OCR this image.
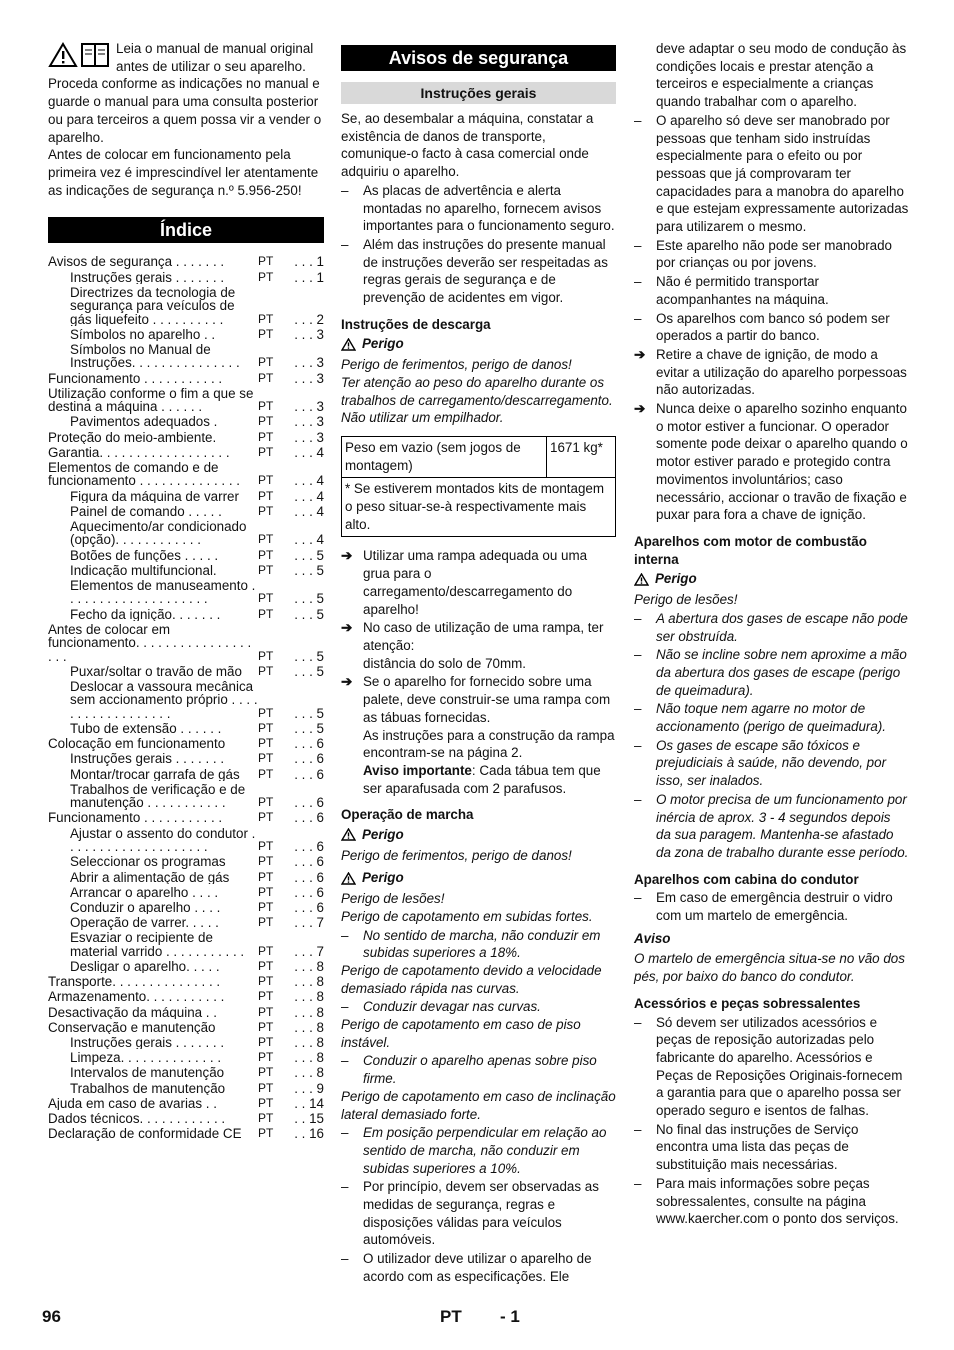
Leia o manual de manual original antes de utilizar o seu aparelho. Proceda conforme as indicações no manual e guarde o manual para uma consulta posterior ou para terceiros a quem possa vir a vender o aparelho.

Antes de colocar em funcionamento pela primeira vez é imprescindível ler atentamente as indicações de segurança n.º 5.956-250!

Índice
Avisos de segurança . . . . . . .	PT	. . . 1
Instruções gerais . . . . . . .	PT	. . . 1
Directrizes da tecnologia de segurança para veículos de gás liquefeito . . . . . . . . . .	PT	. . . 2
Símbolos no aparelho . .	PT	. . . 3
Símbolos no Manual de Instruções. . . . . . . . . . . . . . .	PT	. . . 3
Funcionamento . . . . . . . . . . .	PT	. . . 3
Utilização conforme o fim a que se destina a máquina . . . . . .	PT	. . . 3
Pavimentos adequados .	PT	. . . 3
Proteção do meio-ambiente.	PT	. . . 3
Garantia. . . . . . . . . . . . . . . . . .	PT	. . . 4
Elementos de comando e de funcionamento . . . . . . . . . . . . . .	PT	. . . 4
Figura da máquina de varrer	PT	. . . 4
Painel de comando . . . . .	PT	. . . 4
Aquecimento/ar condicionado (opção). . . . . . . . . . . .	PT	. . . 4
Botões de funções . . . . .	PT	. . . 5
Indicação multifuncional.	PT	. . . 5
Elementos de manuseamento . . . . . . . . . . . . . . . . . . . .	PT	. . . 5
Fecho da ignição. . . . . . .	PT	. . . 5
Antes de colocar em funcionamento. . . . . . . . . . . . . . . . . . .	PT	. . . 5
Puxar/soltar o travão de mão	PT	. . . 5
Deslocar a vassoura mecânica sem accionamento próprio . . . . . . . . . . . . . . . . . .	PT	. . . 5
Tubo de extensão . . . . . .	PT	. . . 5
Colocação em funcionamento	PT	. . . 6
Instruções gerais . . . . . . .	PT	. . . 6
Montar/trocar garrafa de gás	PT	. . . 6
Trabalhos de verificação e de manutenção . . . . . . . . . . .	PT	. . . 6
Funcionamento . . . . . . . . . . .	PT	. . . 6
Ajustar o assento do condutor . . . . . . . . . . . . . . . . . . . .	PT	. . . 6
Seleccionar os programas	PT	. . . 6
Abrir a alimentação de gás	PT	. . . 6
Arrancar o aparelho . . . .	PT	. . . 6
Conduzir o aparelho . . . .	PT	. . . 6
Operação de varrer. . . . .	PT	. . . 7
Esvaziar o recipiente de material varrido . . . . . . . . . . .	PT	. . . 7
Desligar o aparelho. . . . .	PT	. . . 8
Transporte. . . . . . . . . . . . . . .	PT	. . . 8
Armazenamento. . . . . . . . . . .	PT	. . . 8
Desactivação da máquina . .	PT	. . . 8
Conservação e manutenção	PT	. . . 8
Instruções gerais . . . . . . .	PT	. . . 8
Limpeza. . . . . . . . . . . . . .	PT	. . . 8
Intervalos de manutenção	PT	. . . 8
Trabalhos de manutenção	PT	. . . 9
Ajuda em caso de avarias . .	PT	. . 14
Dados técnicos. . . . . . . . . . . .	PT	. . 15
Declaração de conformidade CE	PT	. . 16
Avisos de segurança
Instruções gerais

Se, ao desembalar a máquina, constatar a existência de danos de transporte, comunique-o facto à casa comercial onde adquiriu o aparelho.

– As placas de advertência e alerta montadas no aparelho, fornecem avisos importantes para o funcionamento seguro.
– Além das instruções do presente manual de instruções deverão ser respeitadas as regras gerais de segurança e de prevenção de acidentes em vigor.
Instruções de descarga
Perigo

Perigo de ferimentos, perigo de danos!

Ter atenção ao peso do aparelho durante os trabalhos de carregamento/descarregamento.

Não utilizar um empilhador.

Peso em vazio (sem jogos de montagem)	1671 kg*
* Se estiverem montados kits de montagem o peso situar-se-à respectivamente mais alto.
➔ Utilizar uma rampa adequada ou uma grua para o carregamento/descarregamento do aparelho!
➔ No caso de utilização de uma rampa, ter atenção:
distância do solo de 70mm.
➔ Se o aparelho for fornecido sobre uma palete, deve construir-se uma rampa com as tábuas fornecidas.
As instruções para a construção da rampa encontram-se na página 2.
Aviso importante: Cada tábua tem que ser aparafusada com 2 parafusos.
Operação de marcha
Perigo

Perigo de ferimentos, perigo de danos!

Perigo

Perigo de lesões!

Perigo de capotamento em subidas fortes.

– No sentido de marcha, não conduzir em subidas superiores a 18%.

Perigo de capotamento devido a velocidade demasiado rápida nas curvas.

– Conduzir devagar nas curvas.

Perigo de capotamento em caso de piso instável.

– Conduzir o aparelho apenas sobre piso firme.

Perigo de capotamento em caso de inclinação lateral demasiado forte.

– Em posição perpendicular em relação ao sentido de marcha, não conduzir em subidas superiores a 10%.
– Por princípio, devem ser observadas as medidas de segurança, regras e disposições válidas para veículos automóveis.
– O utilizador deve utilizar o aparelho de acordo com as especificações. Ele
deve adaptar o seu modo de condução às condições locais e prestar atenção a terceiros e especialmente a crianças quando trabalhar com o aparelho.
– O aparelho só deve ser manobrado por pessoas que tenham sido instruídas especialmente para o efeito ou por pessoas que já comprovaram ter capacidades para a manobra do aparelho e que estejam expressamente autorizadas para utilizarem o mesmo.
– Este aparelho não pode ser manobrado por crianças ou por jovens.
– Não é permitido transportar acompanhantes na máquina.
– Os aparelhos com banco só podem ser operados a partir do banco.
➔ Retire a chave de ignição, de modo a evitar a utilização do aparelho porpessoas não autorizadas.
➔ Nunca deixe o aparelho sozinho enquanto o motor estiver a funcionar. O operador somente pode deixar o aparelho quando o motor estiver parado e protegido contra movimentos involuntários; caso necessário, accionar o travão de fixação e puxar para fora a chave de ignição.
Aparelhos com motor de combustão interna
Perigo

Perigo de lesões!

– A abertura dos gases de escape não pode ser obstruída.
– Não se incline sobre nem aproxime a mão da abertura dos gases de escape (perigo de queimadura).
– Não toque nem agarre no motor de accionamento (perigo de queimadura).
– Os gases de escape são tóxicos e prejudiciais à saúde, não devendo, por isso, ser inalados.
– O motor precisa de um funcionamento por inércia de aprox. 3 - 4 segundos depois da sua paragem. Mantenha-se afastado da zona de trabalho durante esse período.
Aparelhos com cabina do condutor
– Em caso de emergência destruir o vidro com um martelo de emergência.

Aviso

O martelo de emergência situa-se no vão dos pés, por baixo do banco do condutor.

Acessórios e peças sobressalentes
– Só devem ser utilizados acessórios e peças de reposição autorizadas pelo fabricante do aparelho. Acessórios e Peças de Reposições Originais-fornecem a garantia para que o aparelho possa ser operado seguro e isentos de falhas.
– No final das instruções de Serviço encontra uma lista das peças de substituição mais necessárias.
– Para mais informações sobre peças sobressalentes, consulte na página www.kaercher.com o ponto dos serviços.
96	PT - 1
